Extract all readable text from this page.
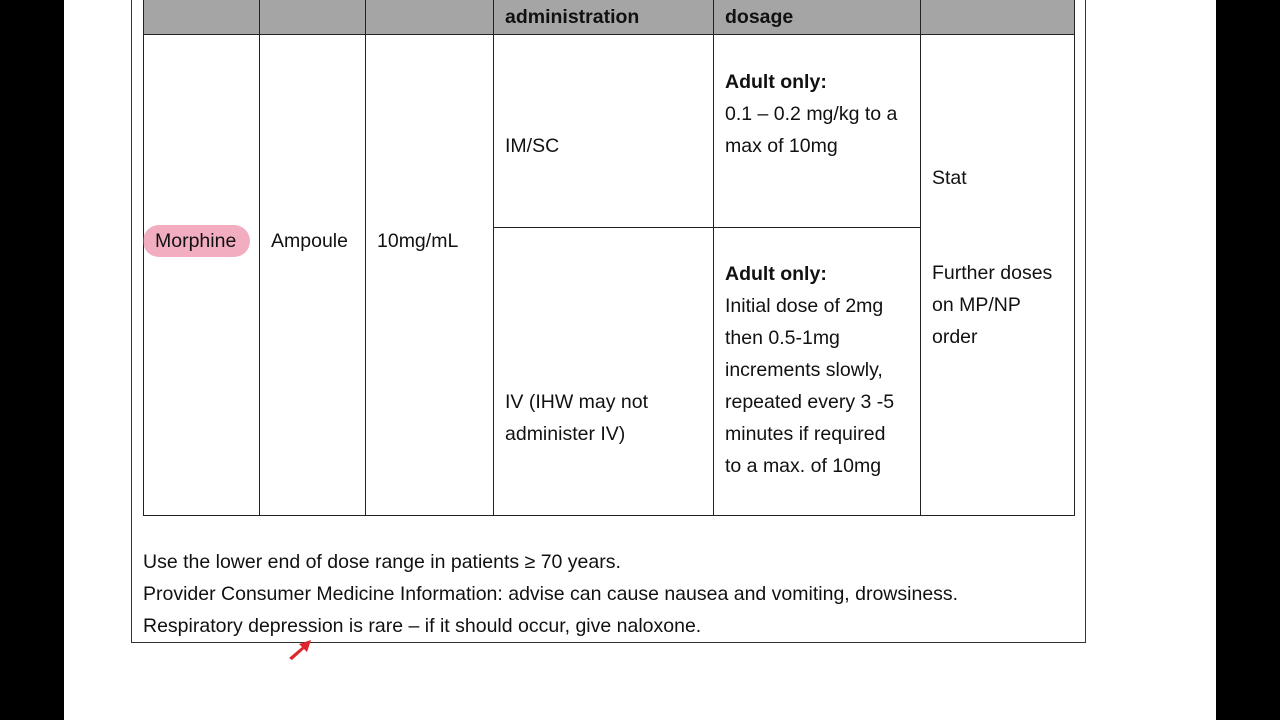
administration	dosage
Morphine Ampoule 10mg/mL
IM/SC
Adult only:
0.1 – 0.2 mg/kg to a
max of 10mg
IV (IHW may not
administer IV)
Adult only:
Initial dose of 2mg
then 0.5-1mg
increments slowly,
repeated every 3 -5
minutes if required
to a max. of 10mg
Stat
Further doses
on MP/NP
order
Use the lower end of dose range in patients ≥ 70 years.
Provider Consumer Medicine Information: advise can cause nausea and vomiting, drowsiness.
Respiratory depression is rare – if it should occur, give naloxone.
